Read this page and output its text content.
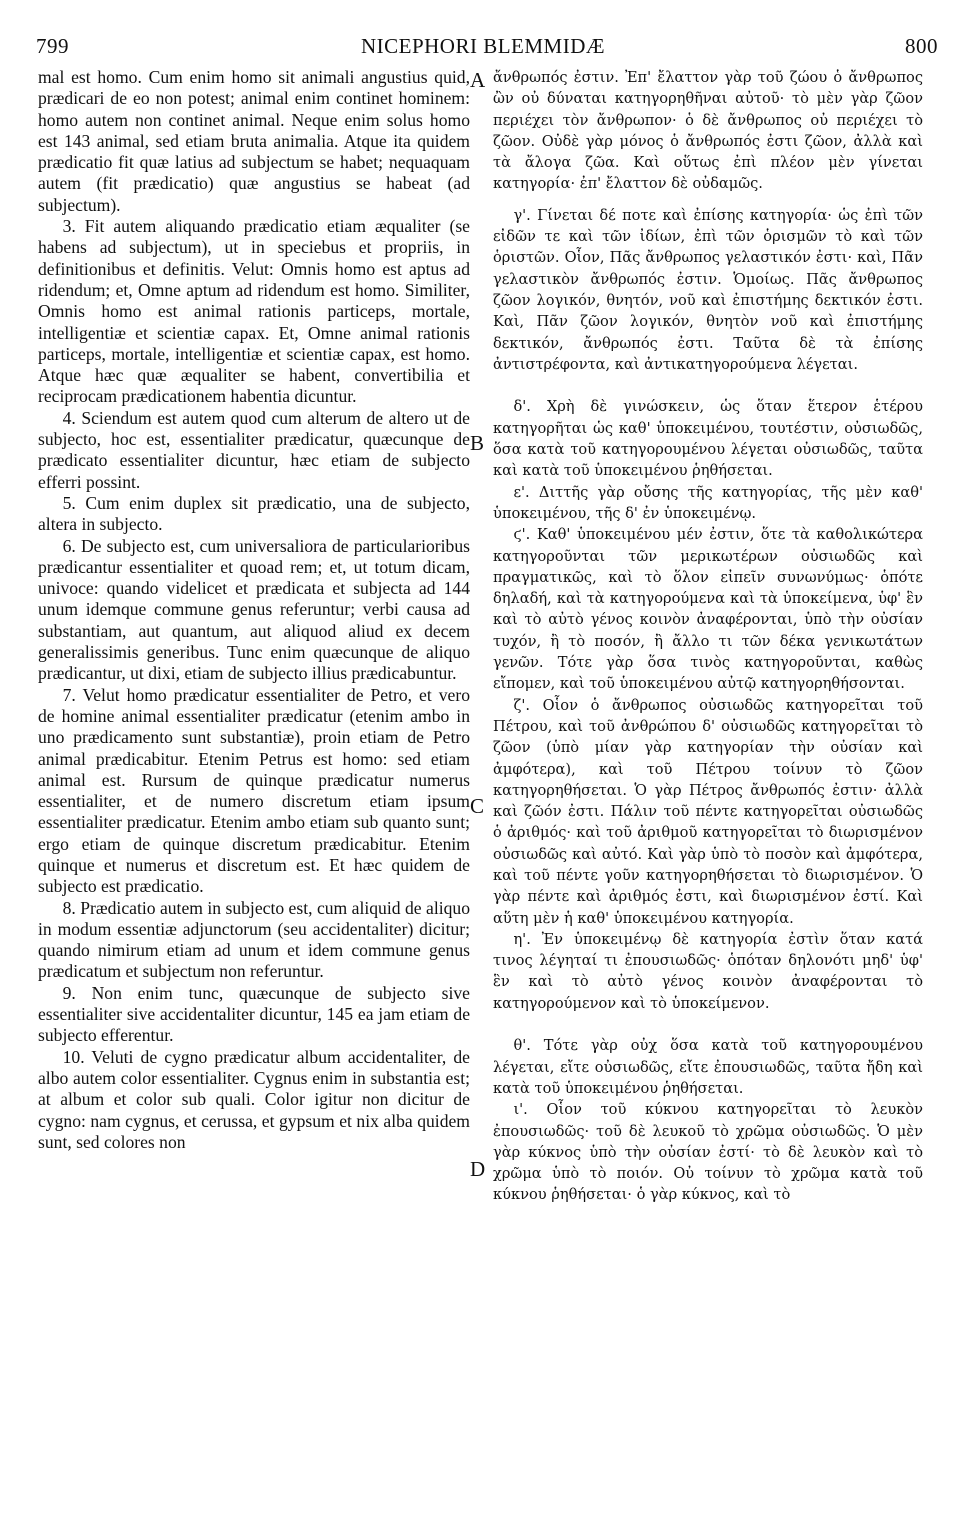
799	NICEPHORI BLEMMIDÆ	800
A
B
C
D

mal est homo. Cum enim homo sit animali angustius quid, prædicari de eo non potest; animal enim continet hominem: homo autem non continet animal. Neque enim solus homo est 143 animal, sed etiam bruta animalia. Atque ita quidem prædicatio fit quæ latius ad subjectum se habet; nequaquam autem (fit prædicatio) quæ angustius se habeat (ad subjectum).

3. Fit autem aliquando prædicatio etiam æqualiter (se habens ad subjectum), ut in speciebus et propriis, in definitionibus et definitis. Velut: Omnis homo est aptus ad ridendum; et, Omne aptum ad ridendum est homo. Similiter, Omnis homo est animal rationis particeps, mortale, intelligentiæ et scientiæ capax. Et, Omne animal rationis particeps, mortale, intelligentiæ et scientiæ capax, est homo. Atque hæc quæ æqualiter se habent, convertibilia et reciprocam prædicationem habentia dicuntur.

4. Sciendum est autem quod cum alterum de altero ut de subjecto, hoc est, essentialiter prædicatur, quæcunque de prædicato essentialiter dicuntur, hæc etiam de subjecto efferri possint.

5. Cum enim duplex sit prædicatio, una de subjecto, altera in subjecto.

6. De subjecto est, cum universaliora de particularioribus prædicantur essentialiter et quoad rem; et, ut totum dicam, univoce: quando videlicet et prædicata et subjecta ad 144 unum idemque commune genus referuntur; verbi causa ad substantiam, aut quantum, aut aliquod aliud ex decem generalissimis generibus. Tunc enim quæcunque de aliquo prædicantur, ut dixi, etiam de subjecto illius prædicabuntur.

7. Velut homo prædicatur essentialiter de Petro, et vero de homine animal essentialiter prædicatur (etenim ambo in uno prædicamento sunt substantiæ), proin etiam de Petro animal prædicabitur. Etenim Petrus est homo: sed etiam animal est. Rursum de quinque prædicatur numerus essentialiter, et de numero discretum etiam ipsum essentialiter prædicatur. Etenim ambo etiam sub quanto sunt; ergo etiam de quinque discretum prædicabitur. Etenim quinque et numerus et discretum est. Et hæc quidem de subjecto est prædicatio.

8. Prædicatio autem in subjecto est, cum aliquid de aliquo in modum essentiæ adjunctorum (seu accidentaliter) dicitur; quando nimirum etiam ad unum et idem commune genus prædicatum et subjectum non referuntur.

9. Non enim tunc, quæcunque de subjecto sive essentialiter sive accidentaliter dicuntur, 145 ea jam etiam de subjecto efferentur.

10. Veluti de cygno prædicatur album accidentaliter, de albo autem color essentialiter. Cygnus enim in substantia est; at album et color sub quali. Color igitur non dicitur de cygno: nam cygnus, et cerussa, et gypsum et nix alba quidem sunt, sed colores non

ἄνθρωπός ἐστιν. Ἐπ' ἔλαττον γὰρ τοῦ ζώου ὁ ἄνθρωπος ὢν οὐ δύναται κατηγορηθῆναι αὐτοῦ· τὸ μὲν γὰρ ζῶον περιέχει τὸν ἄνθρωπον· ὁ δὲ ἄνθρωπος οὐ περιέχει τὸ ζῶον. Οὐδὲ γὰρ μόνος ὁ ἄνθρωπός ἐστι ζῶον, ἀλλὰ καὶ τὰ ἄλογα ζῶα. Καὶ οὕτως ἐπὶ πλέον μὲν γίνεται κατηγορία· ἐπ' ἔλαττον δὲ οὐδαμῶς.

γ'. Γίνεται δέ ποτε καὶ ἐπίσης κατηγορία· ὡς ἐπὶ τῶν εἰδῶν τε καὶ τῶν ἰδίων, ἐπὶ τῶν ὁρισμῶν τὸ καὶ τῶν ὁριστῶν. Οἷον, Πᾶς ἄνθρωπος γελαστικόν ἐστι· καὶ, Πᾶν γελαστικὸν ἄνθρωπός ἐστιν. Ὁμοίως. Πᾶς ἄνθρωπος ζῶον λογικόν, θνητόν, νοῦ καὶ ἐπιστήμης δεκτικόν ἐστι. Καὶ, Πᾶν ζῶον λογικόν, θνητὸν νοῦ καὶ ἐπιστήμης δεκτικόν, ἄνθρωπός ἐστι. Ταῦτα δὲ τὰ ἐπίσης ἀντιστρέφοντα, καὶ ἀντικατηγορούμενα λέγεται.

δ'. Χρὴ δὲ γινώσκειν, ὡς ὅταν ἕτερον ἑτέρου κατηγορῆται ὡς καθ' ὑποκειμένου, τουτέστιν, οὐσιωδῶς, ὅσα κατὰ τοῦ κατηγορουμένου λέγεται οὐσιωδῶς, ταῦτα καὶ κατὰ τοῦ ὑποκειμένου ῥηθήσεται.

ε'. Διττῆς γὰρ οὔσης τῆς κατηγορίας, τῆς μὲν καθ' ὑποκειμένου, τῆς δ' ἐν ὑποκειμένῳ.

ϛ'. Καθ' ὑποκειμένου μέν ἐστιν, ὅτε τὰ καθολικώτερα κατηγοροῦνται τῶν μερικωτέρων οὐσιωδῶς καὶ πραγματικῶς, καὶ τὸ ὅλον εἰπεῖν συνωνύμως· ὁπότε δηλαδή, καὶ τὰ κατηγορούμενα καὶ τὰ ὑποκείμενα, ὑφ' ἓν καὶ τὸ αὐτὸ γένος κοινὸν ἀναφέρονται, ὑπὸ τὴν οὐσίαν τυχόν, ἢ τὸ ποσόν, ἢ ἄλλο τι τῶν δέκα γενικωτάτων γενῶν. Τότε γὰρ ὅσα τινὸς κατηγοροῦνται, καθὼς εἴπομεν, καὶ τοῦ ὑποκειμένου αὐτῷ κατηγορηθήσονται.

ζ'. Οἷον ὁ ἄνθρωπος οὐσιωδῶς κατηγορεῖται τοῦ Πέτρου, καὶ τοῦ ἀνθρώπου δ' οὐσιωδῶς κατηγορεῖται τὸ ζῶον (ὑπὸ μίαν γὰρ κατηγορίαν τὴν οὐσίαν καὶ ἀμφότερα), καὶ τοῦ Πέτρου τοίνυν τὸ ζῶον κατηγορηθήσεται. Ὁ γὰρ Πέτρος ἄνθρωπός ἐστιν· ἀλλὰ καὶ ζῶόν ἐστι. Πάλιν τοῦ πέντε κατηγορεῖται οὐσιωδῶς ὁ ἀριθμός· καὶ τοῦ ἀριθμοῦ κατηγορεῖται τὸ διωρισμένον οὐσιωδῶς καὶ αὐτό. Καὶ γὰρ ὑπὸ τὸ ποσὸν καὶ ἀμφότερα, καὶ τοῦ πέντε γοῦν κατηγορηθήσεται τὸ διωρισμένον. Ὁ γὰρ πέντε καὶ ἀριθμός ἐστι, καὶ διωρισμένον ἐστί. Καὶ αὕτη μὲν ἡ καθ' ὑποκειμένου κατηγορία.

η'. Ἐν ὑποκειμένῳ δὲ κατηγορία ἐστὶν ὅταν κατά τινος λέγηταί τι ἐπουσιωδῶς· ὁπόταν δηλονότι μηδ' ὑφ' ἓν καὶ τὸ αὐτὸ γένος κοινὸν ἀναφέρονται τὸ κατηγορούμενον καὶ τὸ ὑποκείμενον.

θ'. Τότε γὰρ οὐχ ὅσα κατὰ τοῦ κατηγορουμένου λέγεται, εἴτε οὐσιωδῶς, εἴτε ἐπουσιωδῶς, ταῦτα ἤδη καὶ κατὰ τοῦ ὑποκειμένου ῥηθήσεται.

ι'. Οἷον τοῦ κύκνου κατηγορεῖται τὸ λευκὸν ἐπουσιωδῶς· τοῦ δὲ λευκοῦ τὸ χρῶμα οὐσιωδῶς. Ὁ μὲν γὰρ κύκνος ὑπὸ τὴν οὐσίαν ἐστί· τὸ δὲ λευκὸν καὶ τὸ χρῶμα ὑπὸ τὸ ποιόν. Οὐ τοίνυν τὸ χρῶμα κατὰ τοῦ κύκνου ῥηθήσεται· ὁ γὰρ κύκνος, καὶ τὸ
